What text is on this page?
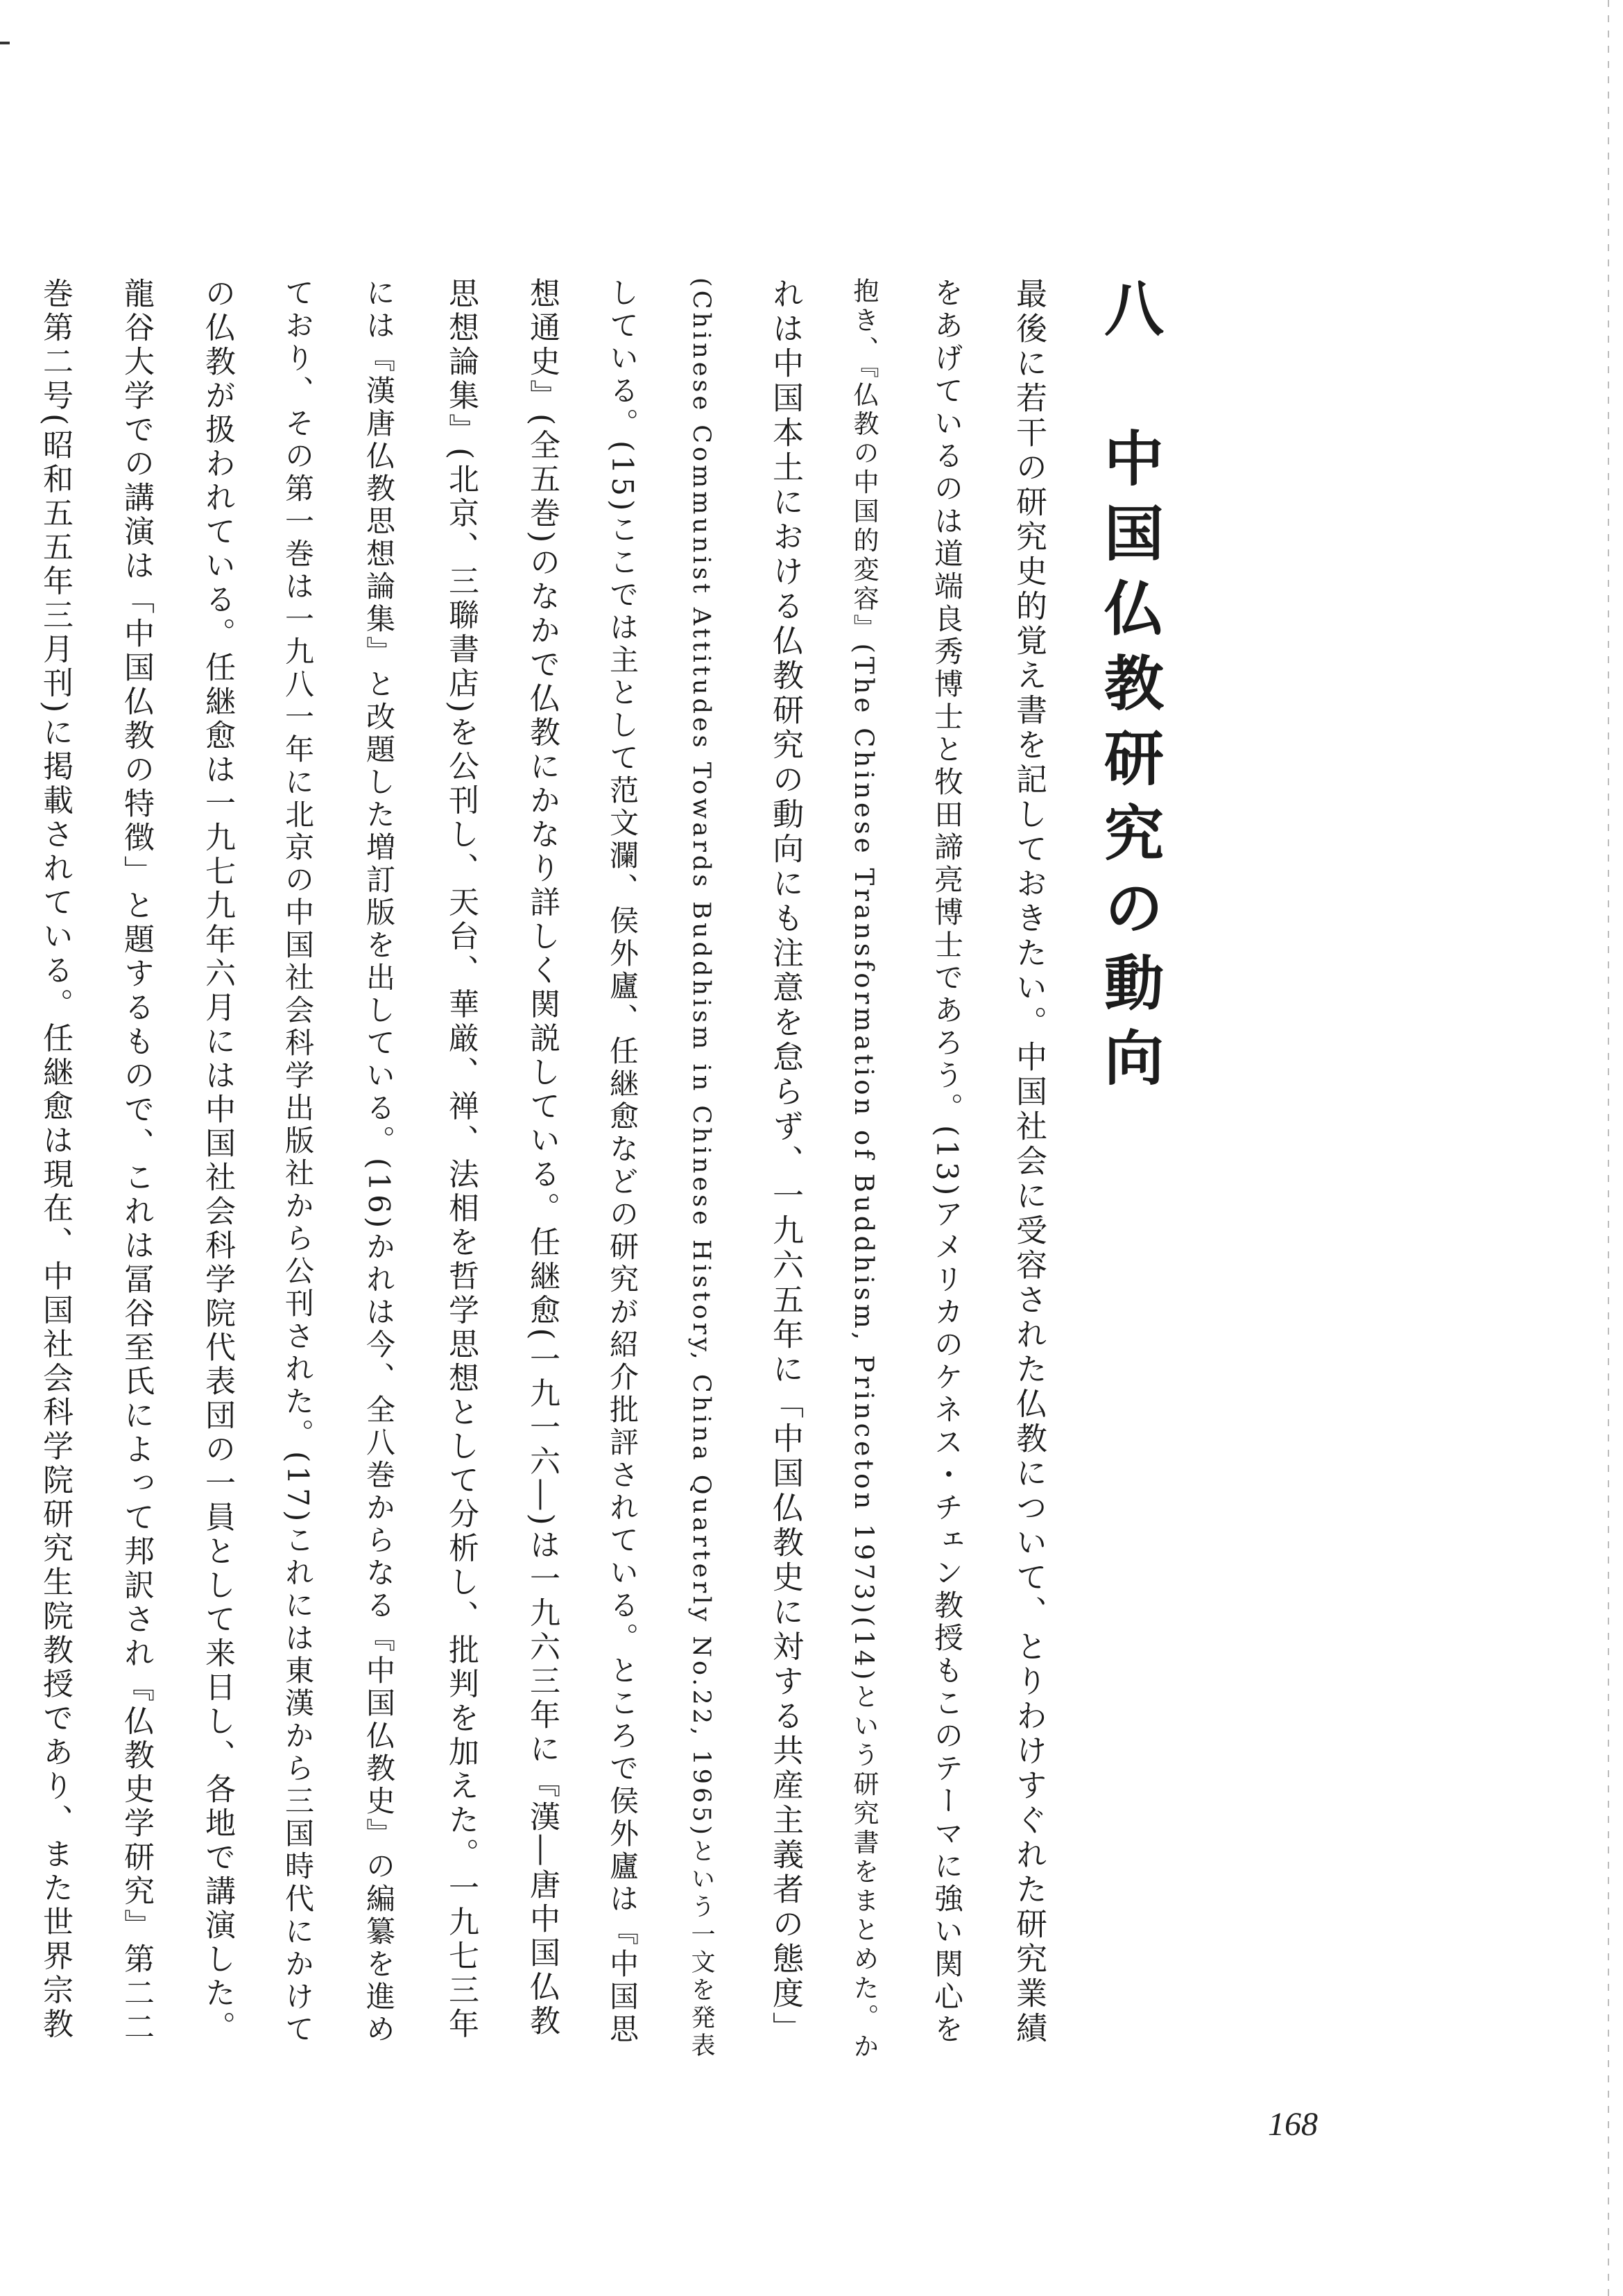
八　中国仏教研究の動向
最後に若干の研究史的覚え書を記しておきたい。中国社会に受容された仏教について、とりわけすぐれた研究業績
をあげているのは道端良秀博士と牧田諦亮博士であろう。(13)アメリカのケネス・チェン教授もこのテーマに強い関心を
抱き、『仏教の中国的変容』(The Chinese Transformation of Buddhism, Princeton 1973)(14)という研究書をまとめた。か
れは中国本土における仏教研究の動向にも注意を怠らず、一九六五年に「中国仏教史に対する共産主義者の態度」
(Chinese Communist Attitudes Towards Buddhism in Chinese History, China Quarterly No.22, 1965)という一文を発表
している。(15)ここでは主として范文瀾、侯外廬、任継愈などの研究が紹介批評されている。ところで侯外廬は『中国思
想通史』(全五巻)のなかで仏教にかなり詳しく関説している。任継愈(一九一六―)は一九六三年に『漢―唐中国仏教
思想論集』(北京、三聯書店)を公刊し、天台、華厳、禅、法相を哲学思想として分析し、批判を加えた。一九七三年
には『漢唐仏教思想論集』と改題した増訂版を出している。(16)かれは今、全八巻からなる『中国仏教史』の編纂を進め
ており、その第一巻は一九八一年に北京の中国社会科学出版社から公刊された。(17)これには東漢から三国時代にかけて
の仏教が扱われている。任継愈は一九七九年六月には中国社会科学院代表団の一員として来日し、各地で講演した。
龍谷大学での講演は「中国仏教の特徴」と題するもので、これは冨谷至氏によって邦訳され『仏教史学研究』第二二
巻第二号(昭和五五年三月刊)に掲載されている。任継愈は現在、中国社会科学院研究生院教授であり、また世界宗教
168
